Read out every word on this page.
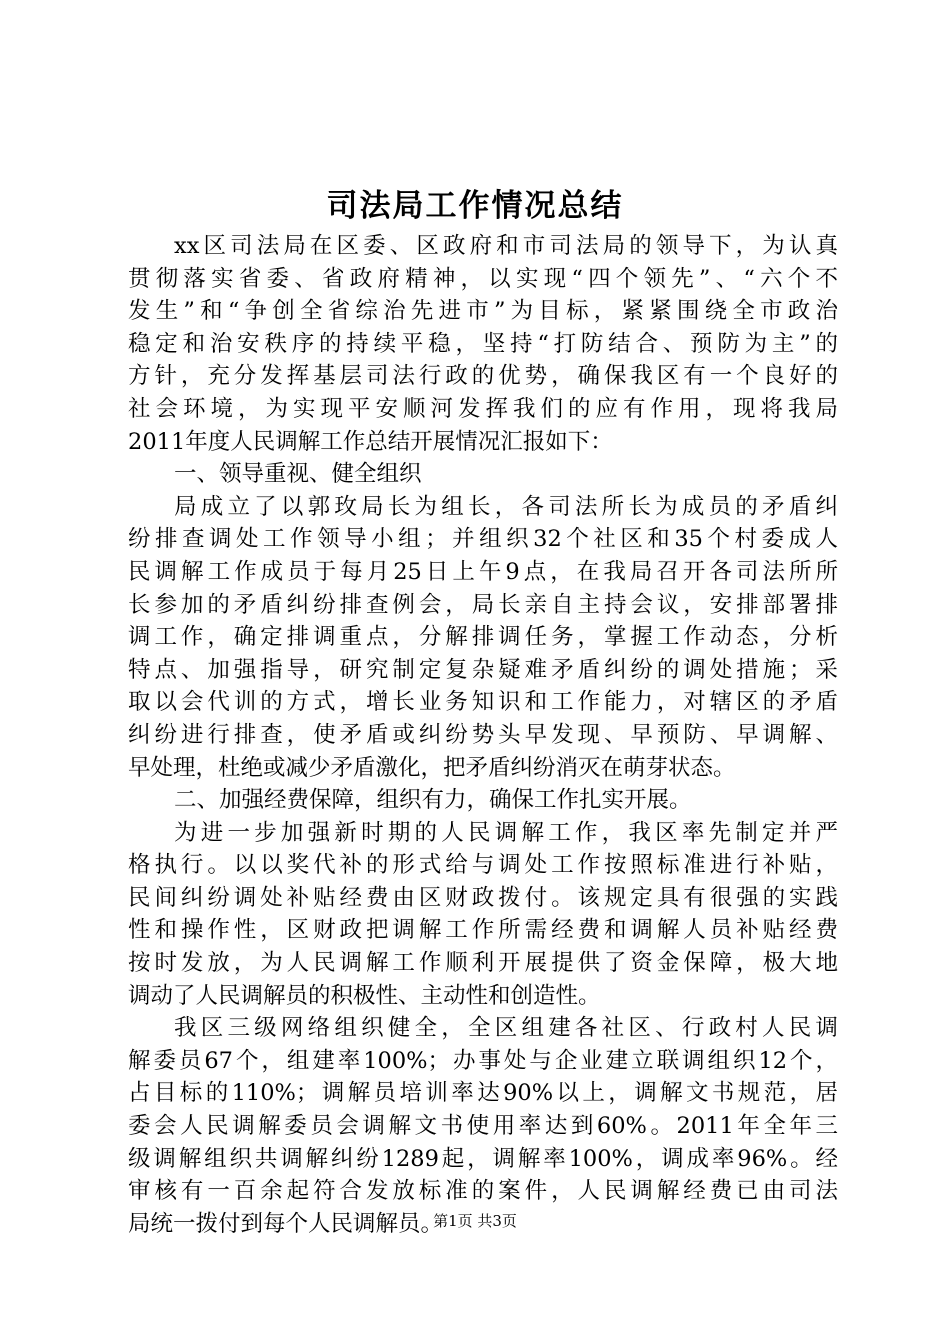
司法局工作情况总结
xx区司法局在区委、区政府和市司法局的领导下，为认真
贯彻落实省委、省政府精神，以实现“四个领先”、“六个不
发生”和“争创全省综治先进市”为目标，紧紧围绕全市政治
稳定和治安秩序的持续平稳，坚持“打防结合、预防为主”的
方针，充分发挥基层司法行政的优势，确保我区有一个良好的
社会环境，为实现平安顺河发挥我们的应有作用，现将我局
2011年度人民调解工作总结开展情况汇报如下：
一、领导重视、健全组织
局成立了以郭玫局长为组长，各司法所长为成员的矛盾纠
纷排查调处工作领导小组；并组织32个社区和35个村委成人
民调解工作成员于每月25日上午9点，在我局召开各司法所所
长参加的矛盾纠纷排查例会，局长亲自主持会议，安排部署排
调工作，确定排调重点，分解排调任务，掌握工作动态，分析
特点、加强指导，研究制定复杂疑难矛盾纠纷的调处措施；采
取以会代训的方式，增长业务知识和工作能力，对辖区的矛盾
纠纷进行排查，使矛盾或纠纷势头早发现、早预防、早调解、
早处理，杜绝或减少矛盾激化，把矛盾纠纷消灭在萌芽状态。
二、加强经费保障，组织有力，确保工作扎实开展。
为进一步加强新时期的人民调解工作，我区率先制定并严
格执行。以以奖代补的形式给与调处工作按照标准进行补贴，
民间纠纷调处补贴经费由区财政拨付。该规定具有很强的实践
性和操作性，区财政把调解工作所需经费和调解人员补贴经费
按时发放，为人民调解工作顺利开展提供了资金保障，极大地
调动了人民调解员的积极性、主动性和创造性。
我区三级网络组织健全，全区组建各社区、行政村人民调
解委员67个，组建率100%；办事处与企业建立联调组织12个，
占目标的110%；调解员培训率达90%以上，调解文书规范，居
委会人民调解委员会调解文书使用率达到60%。2011年全年三
级调解组织共调解纠纷1289起，调解率100%，调成率96%。经
审核有一百余起符合发放标准的案件，人民调解经费已由司法
局统一拨付到每个人民调解员。
第1页 共3页
